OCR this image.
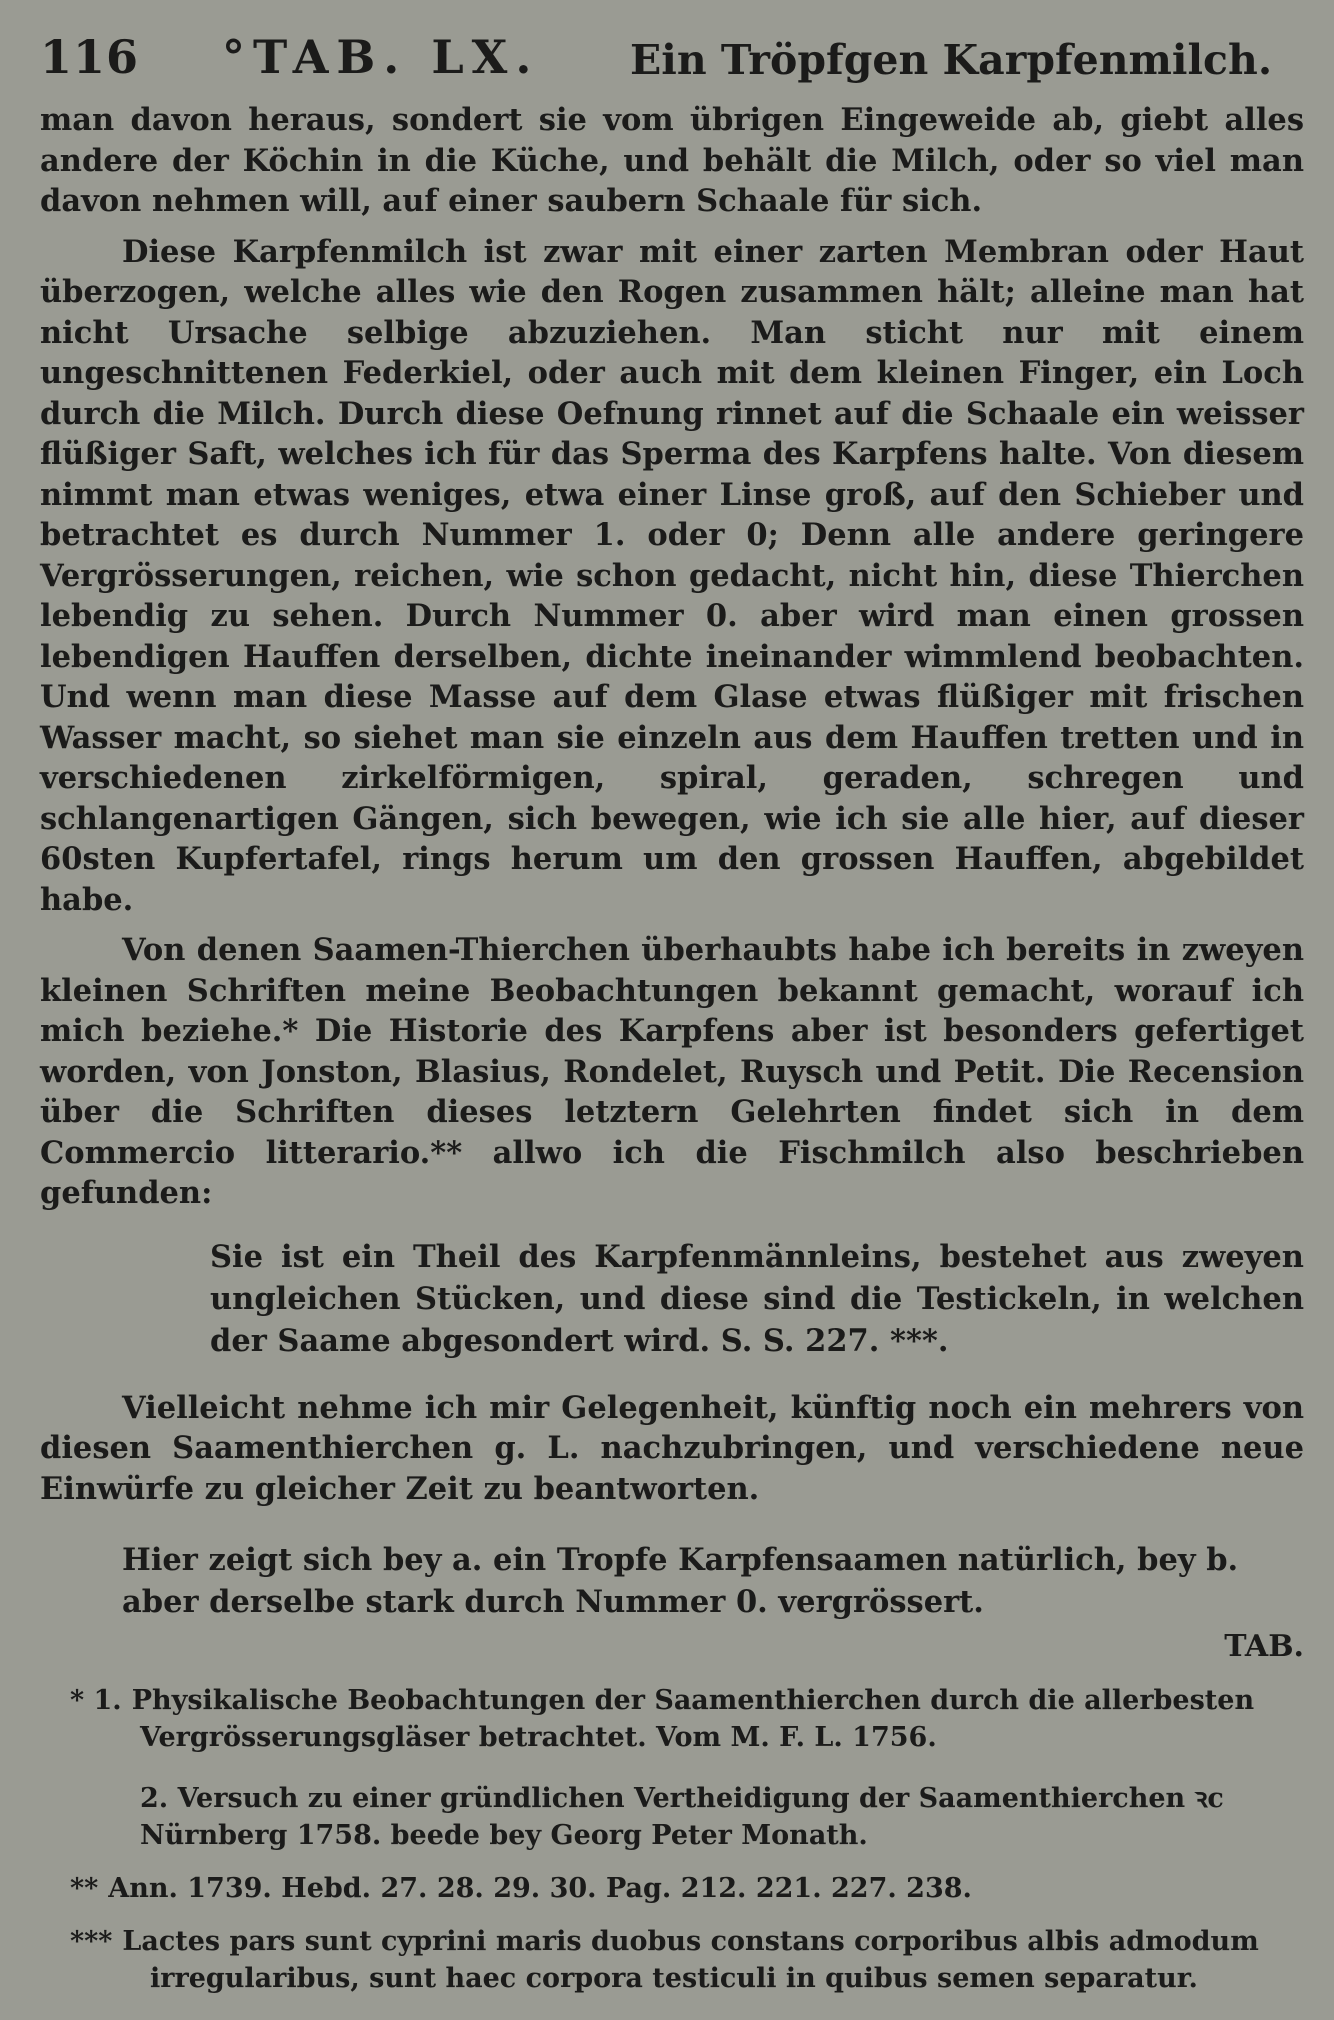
116 °TAB. LX. Ein Tröpfgen Karpfenmilch.

man davon heraus, sondert sie vom übrigen Eingeweide ab, giebt alles andere der Köchin in die Küche, und behält die Milch, oder so viel man davon nehmen will, auf einer saubern Schaale für sich.

Diese Karpfenmilch ist zwar mit einer zarten Membran oder Haut überzogen, welche alles wie den Rogen zusammen hält; alleine man hat nicht Ursache selbige abzuziehen. Man sticht nur mit einem ungeschnittenen Federkiel, oder auch mit dem kleinen Finger, ein Loch durch die Milch. Durch diese Oefnung rinnet auf die Schaale ein weisser flüßiger Saft, welches ich für das Sperma des Karpfens halte. Von diesem nimmt man etwas weniges, etwa einer Linse groß, auf den Schieber und betrachtet es durch Nummer 1. oder 0; Denn alle andere geringere Vergrösserungen, reichen, wie schon gedacht, nicht hin, diese Thierchen lebendig zu sehen. Durch Nummer 0. aber wird man einen grossen lebendigen Hauffen derselben, dichte ineinander wimmlend beobachten. Und wenn man diese Masse auf dem Glase etwas flüßiger mit frischen Wasser macht, so siehet man sie einzeln aus dem Hauffen tretten und in verschiedenen zirkelförmigen, spiral, geraden, schregen und schlangenartigen Gängen, sich bewegen, wie ich sie alle hier, auf dieser 60sten Kupfertafel, rings herum um den grossen Hauffen, abgebildet habe.

Von denen Saamen-Thierchen überhaubts habe ich bereits in zweyen kleinen Schriften meine Beobachtungen bekannt gemacht, worauf ich mich beziehe.* Die Historie des Karpfens aber ist besonders gefertiget worden, von Jonston, Blasius, Rondelet, Ruysch und Petit. Die Recension über die Schriften dieses letztern Gelehrten findet sich in dem Commercio litterario.** allwo ich die Fischmilch also beschrieben gefunden:

Sie ist ein Theil des Karpfenmännleins, bestehet aus zweyen ungleichen Stücken, und diese sind die Testickeln, in welchen der Saame abgesondert wird. S. S. 227. ***.

Vielleicht nehme ich mir Gelegenheit, künftig noch ein mehrers von diesen Saamenthierchen g. L. nachzubringen, und verschiedene neue Einwürfe zu gleicher Zeit zu beantworten.

Hier zeigt sich bey a. ein Tropfe Karpfensaamen natürlich, bey b. aber derselbe stark durch Nummer 0. vergrössert.

TAB.

* 1. Physikalische Beobachtungen der Saamenthierchen durch die allerbesten Vergrösserungsgläser betrachtet. Vom M. F. L. 1756.

2. Versuch zu einer gründlichen Vertheidigung der Saamenthierchen ꝛc Nürnberg 1758. beede bey Georg Peter Monath.

** Ann. 1739. Hebd. 27. 28. 29. 30. Pag. 212. 221. 227. 238.

*** Lactes pars sunt cyprini maris duobus constans corporibus albis admodum irregularibus, sunt haec corpora testiculi in quibus semen separatur.
